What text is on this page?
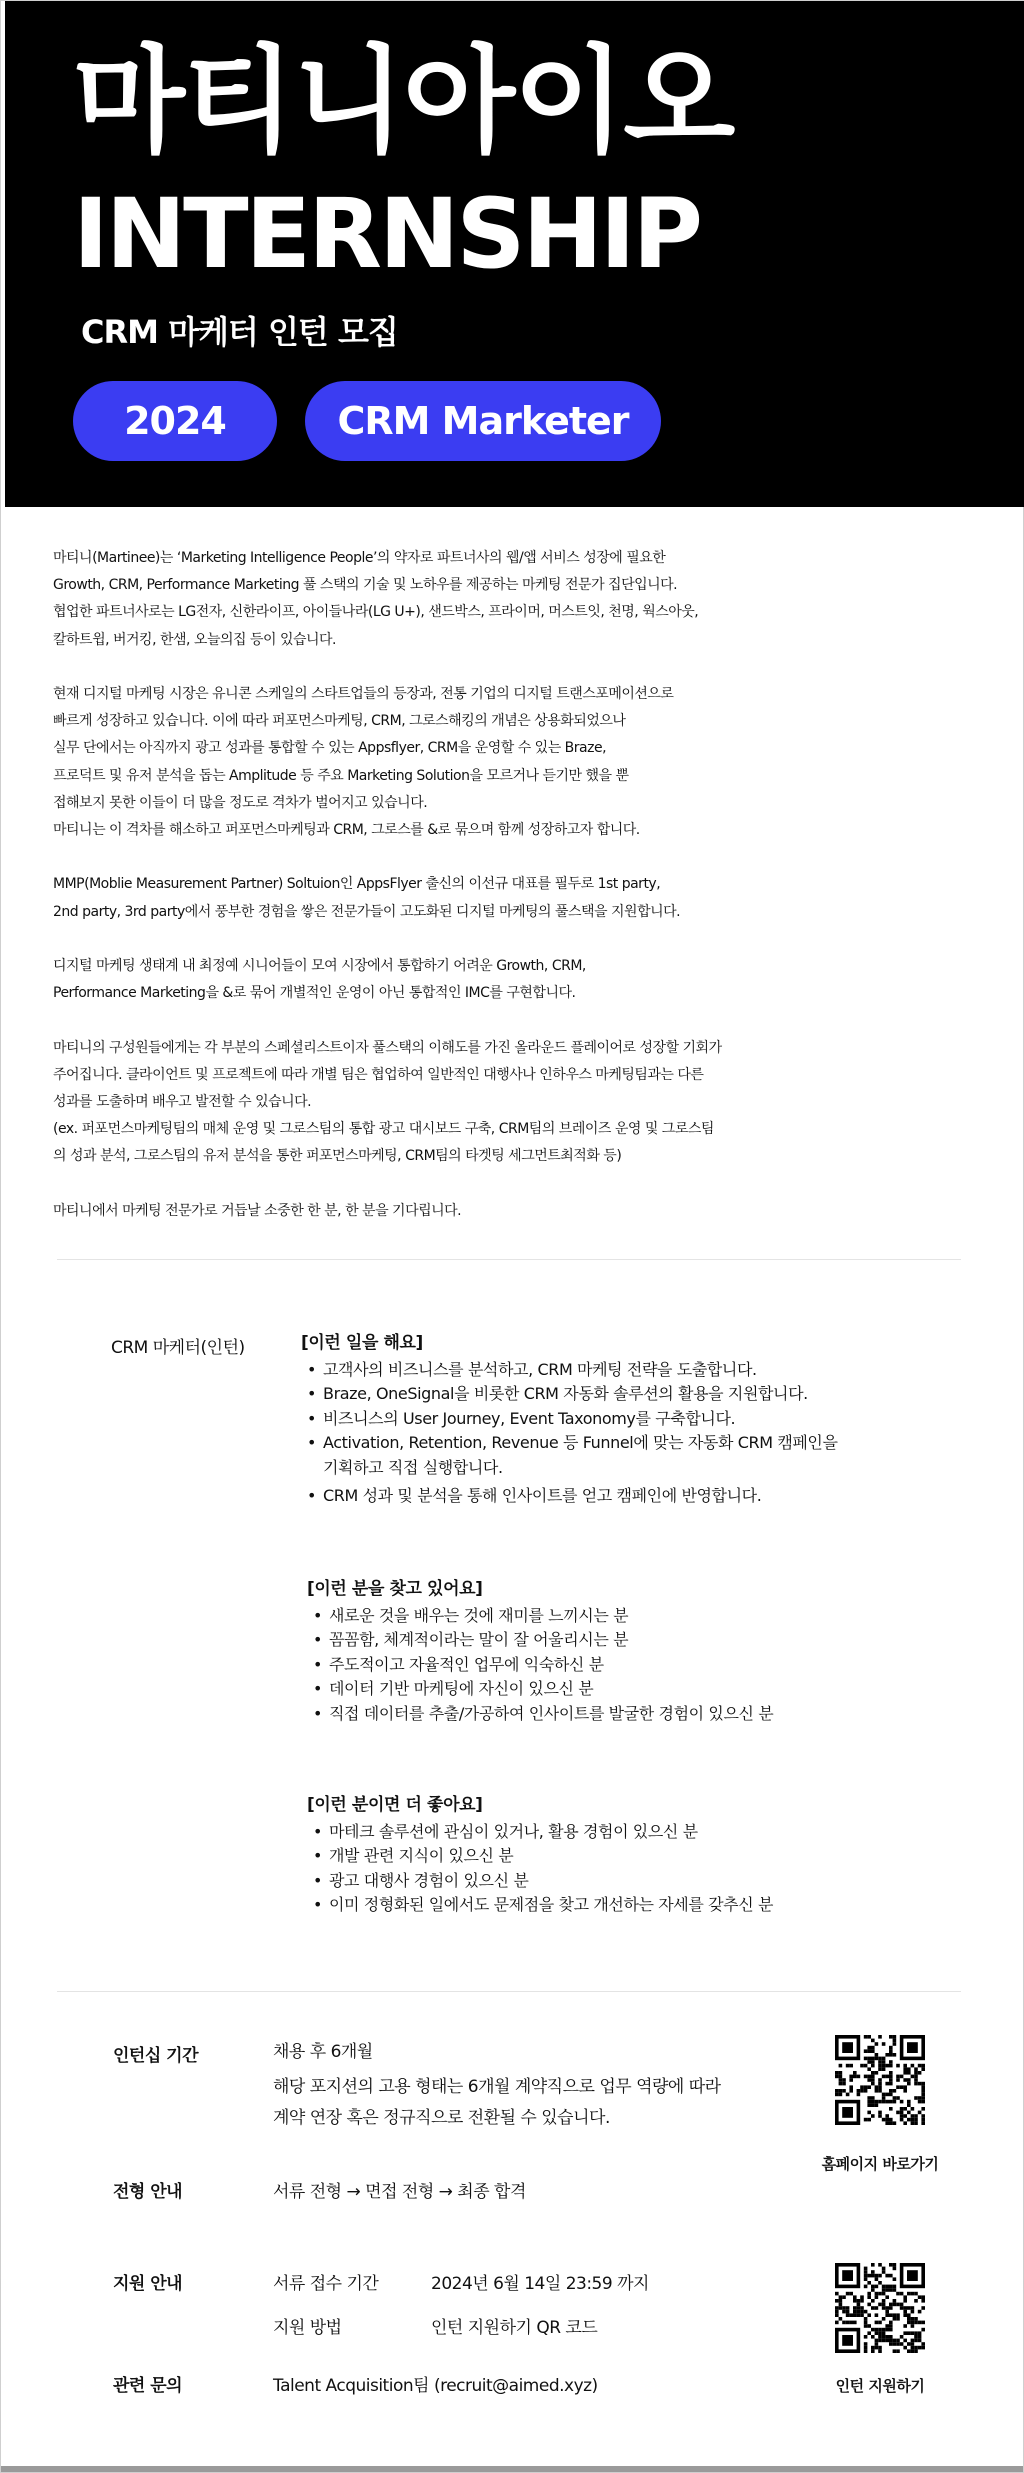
마티니아이오
INTERNSHIP
CRM 마케터 인턴 모집
2024	CRM Marketer
마티니(Martinee)는 ‘Marketing Intelligence People’의 약자로 파트너사의 웹/앱 서비스 성장에 필요한
Growth, CRM, Performance Marketing 풀 스택의 기술 및 노하우를 제공하는 마케팅 전문가 집단입니다.
협업한 파트너사로는 LG전자, 신한라이프, 아이들나라(LG U+), 샌드박스, 프라이머, 머스트잇, 천명, 웍스아웃,
칼하트윕, 버거킹, 한샘, 오늘의집 등이 있습니다.
현재 디지털 마케팅 시장은 유니콘 스케일의 스타트업들의 등장과, 전통 기업의 디지털 트랜스포메이션으로
빠르게 성장하고 있습니다. 이에 따라 퍼포먼스마케팅, CRM, 그로스해킹의 개념은 상용화되었으나
실무 단에서는 아직까지 광고 성과를 통합할 수 있는 Appsflyer, CRM을 운영할 수 있는 Braze,
프로덕트 및 유저 분석을 돕는 Amplitude 등 주요 Marketing Solution을 모르거나 듣기만 했을 뿐
접해보지 못한 이들이 더 많을 정도로 격차가 벌어지고 있습니다.
마티니는 이 격차를 해소하고 퍼포먼스마케팅과 CRM, 그로스를 &로 묶으며 함께 성장하고자 합니다.
MMP(Moblie Measurement Partner) Soltuion인 AppsFlyer 출신의 이선규 대표를 필두로 1st party,
2nd party, 3rd party에서 풍부한 경험을 쌓은 전문가들이 고도화된 디지털 마케팅의 풀스택을 지원합니다.
디지털 마케팅 생태계 내 최정예 시니어들이 모여 시장에서 통합하기 어려운 Growth, CRM,
Performance Marketing을 &로 묶어 개별적인 운영이 아닌 통합적인 IMC를 구현합니다.
마티니의 구성원들에게는 각 부분의 스페셜리스트이자 풀스택의 이해도를 가진 올라운드 플레이어로 성장할 기회가
주어집니다. 클라이언트 및 프로젝트에 따라 개별 팀은 협업하여 일반적인 대행사나 인하우스 마케팅팀과는 다른
성과를 도출하며 배우고 발전할 수 있습니다.
(ex. 퍼포먼스마케팅팀의 매체 운영 및 그로스팀의 통합 광고 대시보드 구축, CRM팀의 브레이즈 운영 및 그로스팀
의 성과 분석, 그로스팀의 유저 분석을 통한 퍼포먼스마케팅, CRM팀의 타겟팅 세그먼트최적화 등)
마티니에서 마케팅 전문가로 거듭날 소중한 한 분, 한 분을 기다립니다.
CRM 마케터(인턴)	[이런 일을 해요]
• 고객사의 비즈니스를 분석하고, CRM 마케팅 전략을 도출합니다.
• Braze, OneSignal을 비롯한 CRM 자동화 솔루션의 활용을 지원합니다.
• 비즈니스의 User Journey, Event Taxonomy를 구축합니다.
• Activation, Retention, Revenue 등 Funnel에 맞는 자동화 CRM 캠페인을
기획하고 직접 실행합니다.
• CRM 성과 및 분석을 통해 인사이트를 얻고 캠페인에 반영합니다.
[이런 분을 찾고 있어요]
• 새로운 것을 배우는 것에 재미를 느끼시는 분
• 꼼꼼함, 체계적이라는 말이 잘 어울리시는 분
• 주도적이고 자율적인 업무에 익숙하신 분
• 데이터 기반 마케팅에 자신이 있으신 분
• 직접 데이터를 추출/가공하여 인사이트를 발굴한 경험이 있으신 분
[이런 분이면 더 좋아요]
• 마테크 솔루션에 관심이 있거나, 활용 경험이 있으신 분
• 개발 관련 지식이 있으신 분
• 광고 대행사 경험이 있으신 분
• 이미 정형화된 일에서도 문제점을 찾고 개선하는 자세를 갖추신 분
인턴십 기간	채용 후 6개월
해당 포지션의 고용 형태는 6개월 계약직으로 업무 역량에 따라
계약 연장 혹은 정규직으로 전환될 수 있습니다.
전형 안내	서류 전형 → 면접 전형 → 최종 합격
지원 안내	서류 접수 기간	2024년 6월 14일 23:59 까지
지원 방법	인턴 지원하기 QR 코드
관련 문의	Talent Acquisition팀 (recruit@aimed.xyz)
홈페이지 바로가기
인턴 지원하기
